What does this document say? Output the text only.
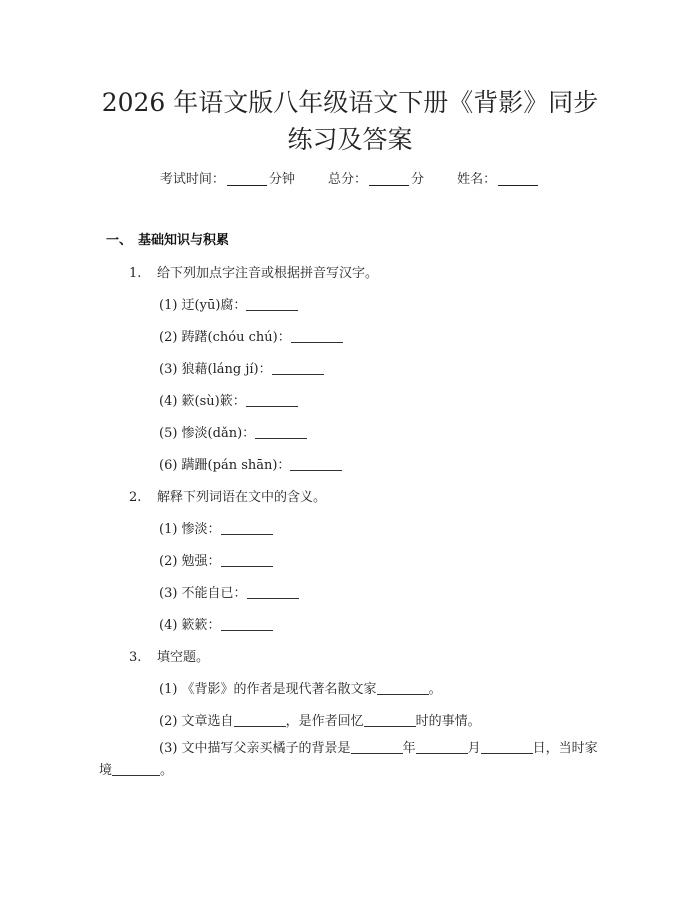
2026 年语文版八年级语文下册《背影》同步
练习及答案
考试时间：	分钟	总分：	分	姓名：
一、 基础知识与积累
1. 给下列加点字注音或根据拼音写汉字。
(1) 迂(yū)腐：
(2) 踌躇(chóu chú)：
(3) 狼藉(láng jí)：
(4) 簌(sù)簌：
(5) 惨淡(dǎn)：
(6) 蹒跚(pán shān)：
2. 解释下列词语在文中的含义。
(1) 惨淡：
(2) 勉强：
(3) 不能自已：
(4) 簌簌：
3. 填空题。
(1) 《背影》的作者是现代著名散文家	。
(2) 文章选自	，是作者回忆	时的事情。
(3) 文中描写父亲买橘子的背景是	年	月	日，当时家境	。
